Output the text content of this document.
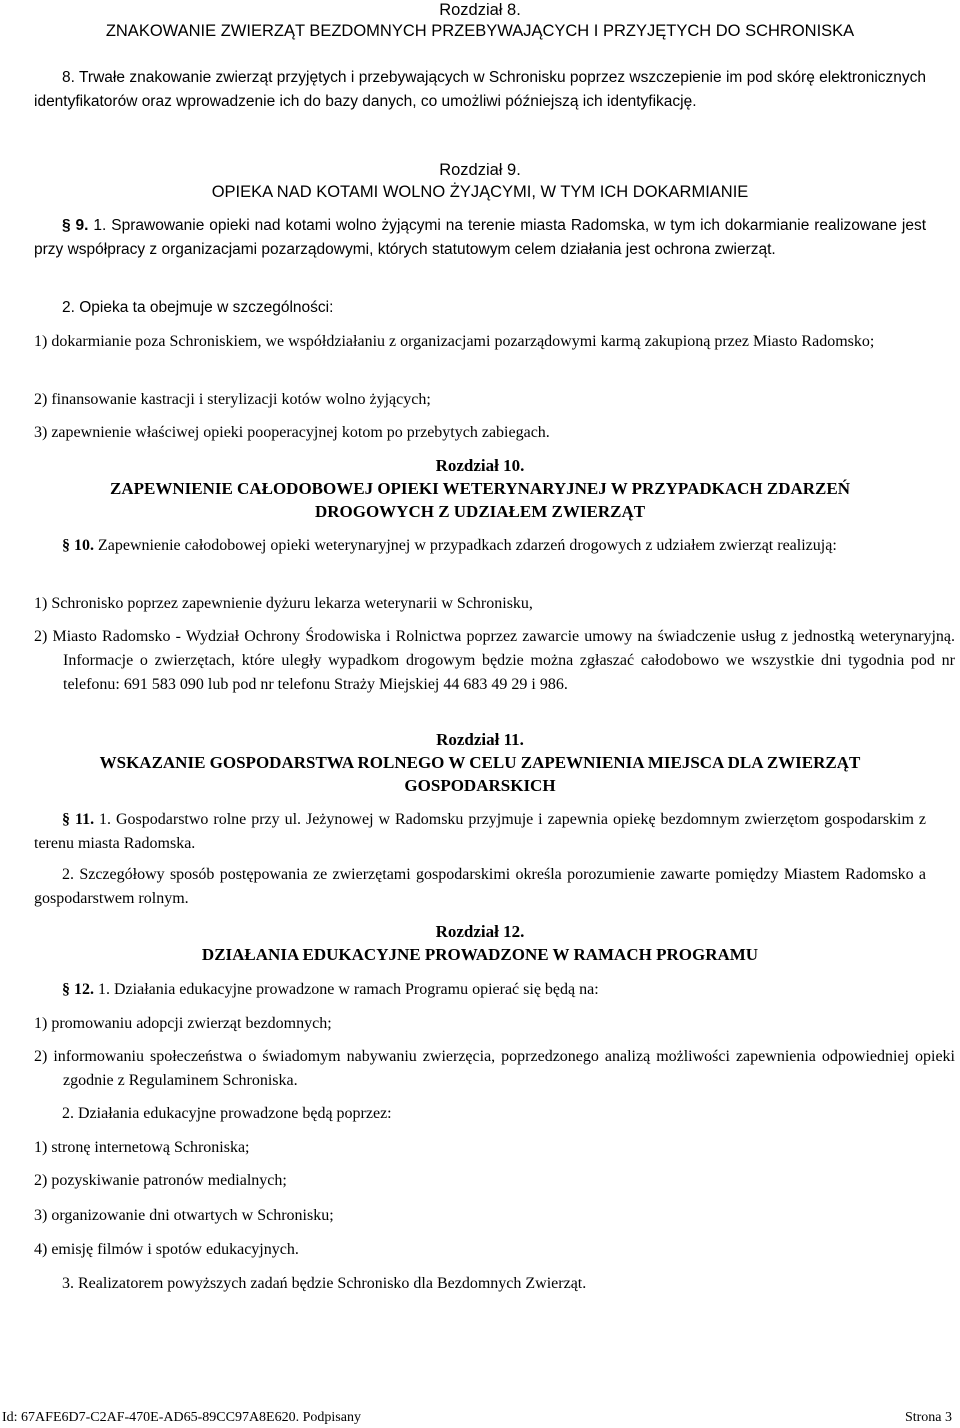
Rozdział 8.
ZNAKOWANIE ZWIERZĄT BEZDOMNYCH PRZEBYWAJĄCYCH I PRZYJĘTYCH DO SCHRONISKA

8. Trwałe znakowanie zwierząt przyjętych i przebywających w Schronisku poprzez wszczepienie im pod skórę elektronicznych identyfikatorów oraz wprowadzenie ich do bazy danych, co umożliwi późniejszą ich identyfikację.

Rozdział 9.
OPIEKA NAD KOTAMI WOLNO ŻYJĄCYMI, W TYM ICH DOKARMIANIE

§ 9. 1. Sprawowanie opieki nad kotami wolno żyjącymi na terenie miasta Radomska, w tym ich dokarmianie realizowane jest przy współpracy z organizacjami pozarządowymi, których statutowym celem działania jest ochrona zwierząt.

2. Opieka ta obejmuje w szczególności:

1) dokarmianie poza Schroniskiem, we współdziałaniu z organizacjami pozarządowymi karmą zakupioną przez Miasto Radomsko;

2) finansowanie kastracji i sterylizacji kotów wolno żyjących;

3) zapewnienie właściwej opieki pooperacyjnej kotom po przebytych zabiegach.

Rozdział 10.
ZAPEWNIENIE CAŁODOBOWEJ OPIEKI WETERYNARYJNEJ W PRZYPADKACH ZDARZEŃ DROGOWYCH Z UDZIAŁEM ZWIERZĄT

§ 10. Zapewnienie całodobowej opieki weterynaryjnej w przypadkach zdarzeń drogowych z udziałem zwierząt realizują:

1) Schronisko poprzez zapewnienie dyżuru lekarza weterynarii w Schronisku,

2) Miasto Radomsko - Wydział Ochrony Środowiska i Rolnictwa poprzez zawarcie umowy na świadczenie usług z jednostką weterynaryjną. Informacje o zwierzętach, które uległy wypadkom drogowym będzie można zgłaszać całodobowo we wszystkie dni tygodnia pod nr telefonu: 691 583 090 lub pod nr telefonu Straży Miejskiej 44 683 49 29 i 986.

Rozdział 11.
WSKAZANIE GOSPODARSTWA ROLNEGO W CELU ZAPEWNIENIA MIEJSCA DLA ZWIERZĄT GOSPODARSKICH

§ 11. 1. Gospodarstwo rolne przy ul. Jeżynowej w Radomsku przyjmuje i zapewnia opiekę bezdomnym zwierzętom gospodarskim z terenu miasta Radomska.

2. Szczegółowy sposób postępowania ze zwierzętami gospodarskimi określa porozumienie zawarte pomiędzy Miastem Radomsko a gospodarstwem rolnym.

Rozdział 12.
DZIAŁANIA EDUKACYJNE PROWADZONE W RAMACH PROGRAMU

§ 12. 1. Działania edukacyjne prowadzone w ramach Programu opierać się będą na:

1) promowaniu adopcji zwierząt bezdomnych;

2) informowaniu społeczeństwa o świadomym nabywaniu zwierzęcia, poprzedzonego analizą możliwości zapewnienia odpowiedniej opieki zgodnie z Regulaminem Schroniska.

2. Działania edukacyjne prowadzone będą poprzez:

1) stronę internetową Schroniska;

2) pozyskiwanie patronów medialnych;

3) organizowanie dni otwartych w Schronisku;

4) emisję filmów i spotów edukacyjnych.

3. Realizatorem powyższych zadań będzie Schronisko dla Bezdomnych Zwierząt.

Id: 67AFE6D7-C2AF-470E-AD65-89CC97A8E620. Podpisany	Strona 3
